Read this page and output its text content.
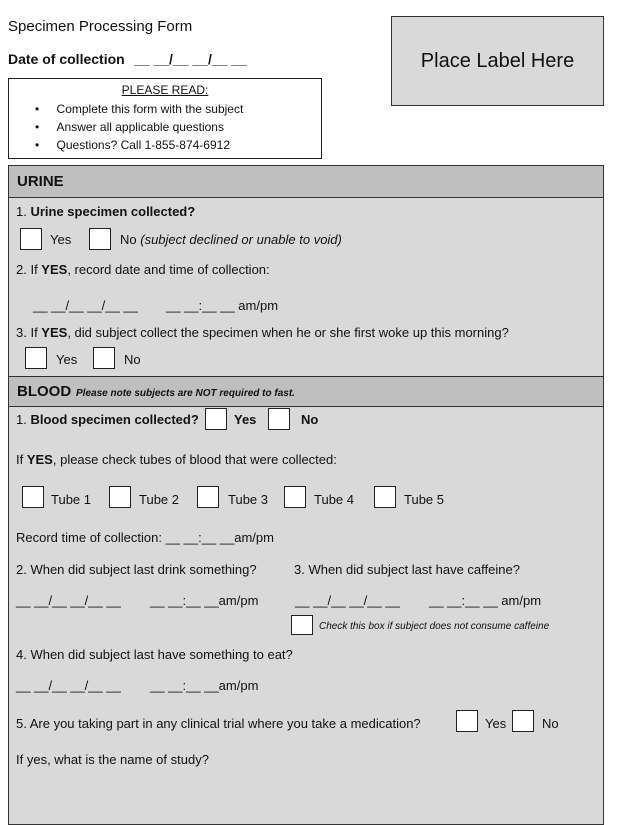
Specimen Processing Form
Date of collection __ __/__ __/__ __	Place Label Here
PLEASE READ:
• Complete this form with the subject
• Answer all applicable questions
• Questions? Call 1-855-874-6912
URINE
1. Urine specimen collected?
Yes	No (subject declined or unable to void)
2. If YES, record date and time of collection:
__ __/__ __/__ __ __ __:__ __ am/pm
3. If YES, did subject collect the specimen when he or she first woke up this morning?
Yes	No
BLOOD Please note subjects are NOT required to fast.
1. Blood specimen collected?	Yes	No
If YES, please check tubes of blood that were collected:
Tube 1	Tube 2	Tube 3	Tube 4	Tube 5
Record time of collection: __ __:__ __am/pm
2. When did subject last drink something?	3. When did subject last have caffeine?
__ __/__ __/__ __ __ __:__ __am/pm	__ __/__ __/__ __ __ __:__ __ am/pm
Check this box if subject does not consume caffeine
4. When did subject last have something to eat?
__ __/__ __/__ __ __ __:__ __am/pm
5. Are you taking part in any clinical trial where you take a medication?	Yes	No
If yes, what is the name of study?
